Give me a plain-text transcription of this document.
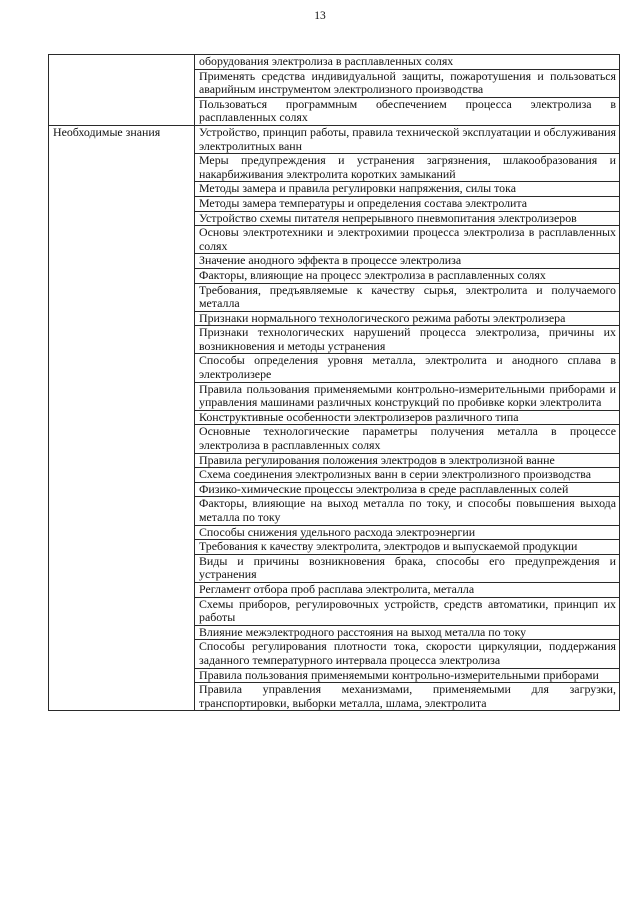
13
	оборудования электролиза в расплавленных солях
	Применять средства индивидуальной защиты, пожаротушения и пользоваться аварийным инструментом электролизного производства
	Пользоваться программным обеспечением процесса электролиза в расплавленных солях
Необходимые знания	Устройство, принцип работы, правила технической эксплуатации и обслуживания электролитных ванн
	Меры предупреждения и устранения загрязнения, шлакообразования и накарбиживания электролита коротких замыканий
	Методы замера и правила регулировки напряжения, силы тока
	Методы замера температуры и определения состава электролита
	Устройство схемы питателя непрерывного пневмопитания электролизеров
	Основы электротехники и электрохимии процесса электролиза в расплавленных солях
	Значение анодного эффекта в процессе электролиза
	Факторы, влияющие на процесс электролиза в расплавленных солях
	Требования, предъявляемые к качеству сырья, электролита и получаемого металла
	Признаки нормального технологического режима работы электролизера
	Признаки технологических нарушений процесса электролиза, причины их возникновения и методы устранения
	Способы определения уровня металла, электролита и анодного сплава в электролизере
	Правила пользования применяемыми контрольно-измерительными приборами и управления машинами различных конструкций по пробивке корки электролита
	Конструктивные особенности электролизеров различного типа
	Основные технологические параметры получения металла в процессе электролиза в расплавленных солях
	Правила регулирования положения электродов в электролизной ванне
	Схема соединения электролизных ванн в серии электролизного производства
	Физико-химические процессы электролиза в среде расплавленных солей
	Факторы, влияющие на выход металла по току, и способы повышения выхода металла по току
	Способы снижения удельного расхода электроэнергии
	Требования к качеству электролита, электродов и выпускаемой продукции
	Виды и причины возникновения брака, способы его предупреждения и устранения
	Регламент отбора проб расплава электролита, металла
	Схемы приборов, регулировочных устройств, средств автоматики, принцип их работы
	Влияние межэлектродного расстояния на выход металла по току
	Способы регулирования плотности тока, скорости циркуляции, поддержания заданного температурного интервала процесса электролиза
	Правила пользования применяемыми контрольно-измерительными приборами
	Правила управления механизмами, применяемыми для загрузки, транспортировки, выборки металла, шлама, электролита
